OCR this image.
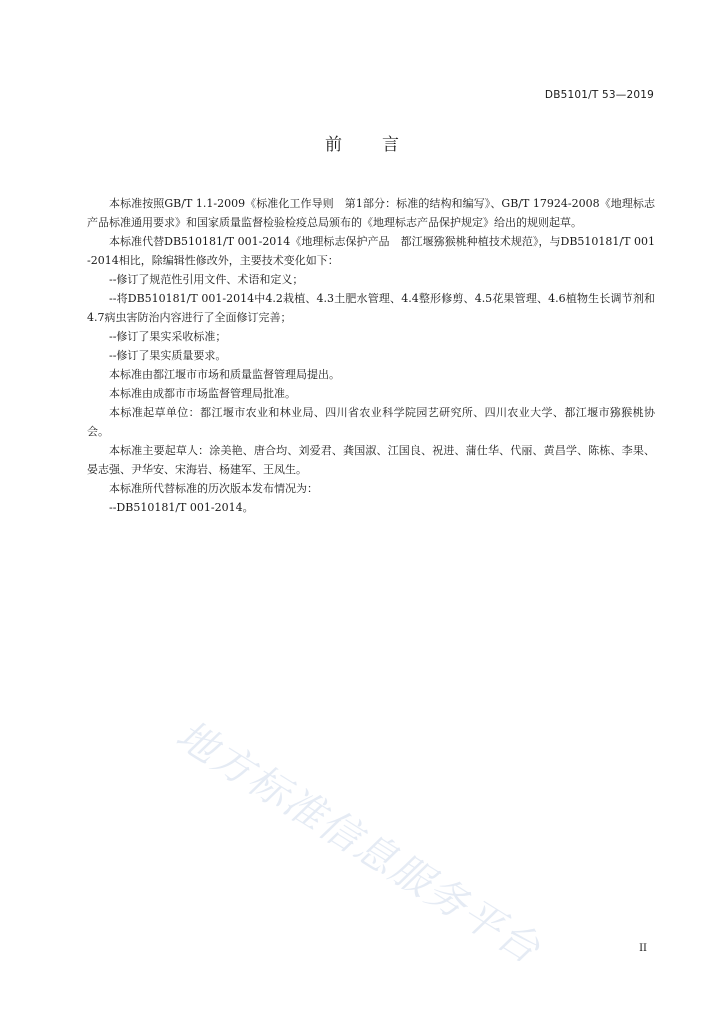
DB5101/T 53—2019
前言

本标准按照GB/T 1.1-2009《标准化工作导则　第1部分：标准的结构和编写》、GB/T 17924-2008《地理标志产品标准通用要求》和国家质量监督检验检疫总局颁布的《地理标志产品保护规定》给出的规则起草。

本标准代替DB510181/T 001-2014《地理标志保护产品　都江堰猕猴桃种植技术规范》，与DB510181/T 001-2014相比，除编辑性修改外，主要技术变化如下：

--修订了规范性引用文件、术语和定义；

--将DB510181/T 001-2014中4.2栽植、4.3土肥水管理、4.4整形修剪、4.5花果管理、4.6植物生长调节剂和4.7病虫害防治内容进行了全面修订完善；

--修订了果实采收标准；

--修订了果实质量要求。

本标准由都江堰市市场和质量监督管理局提出。

本标准由成都市市场监督管理局批准。

本标准起草单位：都江堰市农业和林业局、四川省农业科学院园艺研究所、四川农业大学、都江堰市猕猴桃协会。

本标准主要起草人：涂美艳、唐合均、刘爱君、龚国淑、江国良、祝进、蒲仕华、代丽、黄昌学、陈栋、李果、晏志强、尹华安、宋海岩、杨建军、王凤生。

本标准所代替标准的历次版本发布情况为：

--DB510181/T 001-2014。

地方标准信息服务平台	II
